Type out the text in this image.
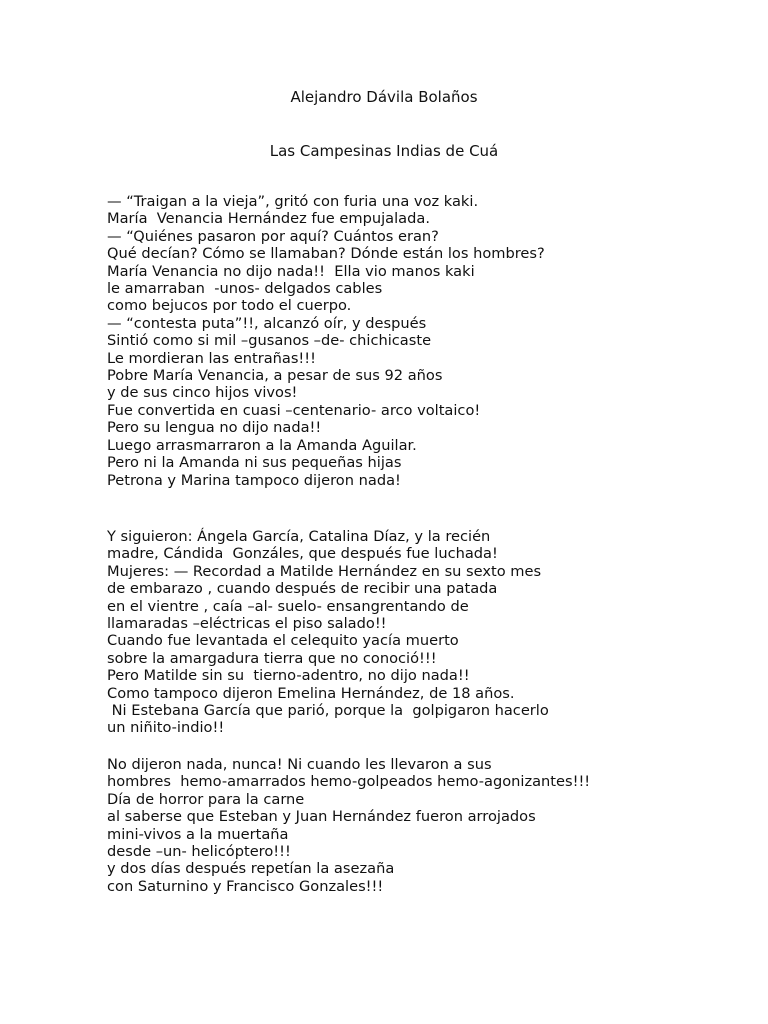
Alejandro Dávila Bolaños

Las Campesinas Indias de Cuá

— “Traigan a la vieja”, gritó con furia una voz kaki.
María  Venancia Hernández fue empujalada.
— “Quiénes pasaron por aquí? Cuántos eran?
Qué decían? Cómo se llamaban? Dónde están los hombres?
María Venancia no dijo nada!!  Ella vio manos kaki
le amarraban  -unos- delgados cables
como bejucos por todo el cuerpo.
— “contesta puta”!!, alcanzó oír, y después
Sintió como si mil –gusanos –de- chichicaste
Le mordieran las entrañas!!!
Pobre María Venancia, a pesar de sus 92 años
y de sus cinco hijos vivos!
Fue convertida en cuasi –centenario- arco voltaico!
Pero su lengua no dijo nada!!
Luego arrasmarraron a la Amanda Aguilar.
Pero ni la Amanda ni sus pequeñas hijas
Petrona y Marina tampoco dijeron nada!
Y siguieron: Ángela García, Catalina Díaz, y la recién
madre, Cándida  Gonzáles, que después fue luchada!
Mujeres: — Recordad a Matilde Hernández en su sexto mes
de embarazo , cuando después de recibir una patada
en el vientre , caía –al- suelo- ensangrentando de
llamaradas –eléctricas el piso salado!!
Cuando fue levantada el celequito yacía muerto
sobre la amargadura tierra que no conoció!!!
Pero Matilde sin su  tierno-adentro, no dijo nada!!
Como tampoco dijeron Emelina Hernández, de 18 años.
Ni Estebana García que parió, porque la  golpigaron hacerlo
un niñito-indio!!
No dijeron nada, nunca! Ni cuando les llevaron a sus
hombres  hemo-amarrados hemo-golpeados hemo-agonizantes!!!
Día de horror para la carne
al saberse que Esteban y Juan Hernández fueron arrojados
mini-vivos a la muertaña
desde –un- helicóptero!!!
y dos días después repetían la asezaña
con Saturnino y Francisco Gonzales!!!
